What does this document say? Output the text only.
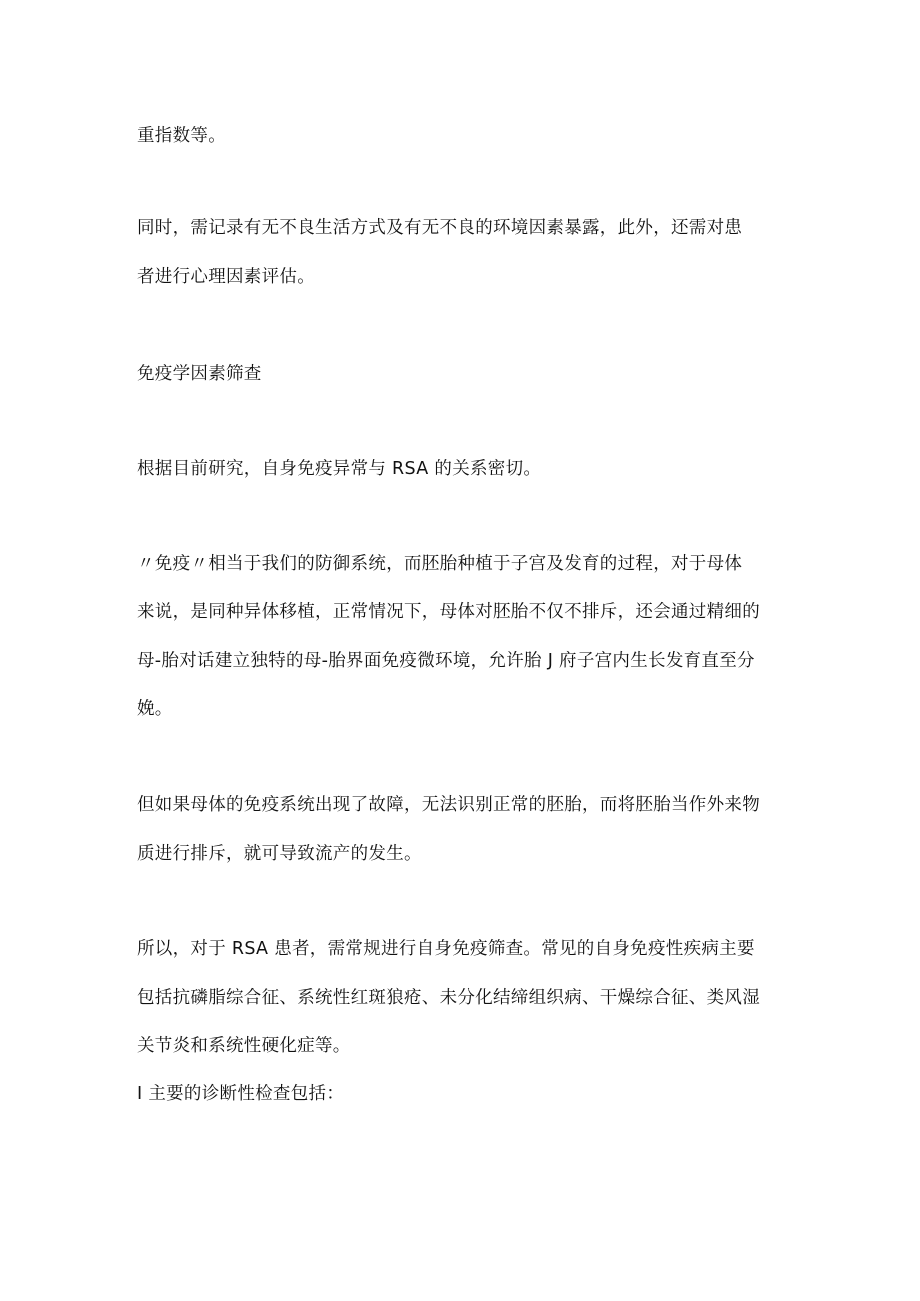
重指数等。
同时，需记录有无不良生活方式及有无不良的环境因素暴露，此外，还需对患
者进行心理因素评估。
免疫学因素筛查
根据目前研究，自身免疫异常与 RSA 的关系密切。
〃免疫〃相当于我们的防御系统，而胚胎种植于子宫及发育的过程，对于母体
来说，是同种异体移植，正常情况下，母体对胚胎不仅不排斥，还会通过精细的
母-胎对话建立独特的母-胎界面免疫微环境，允许胎 J 府子宫内生长发育直至分
娩。
但如果母体的免疫系统出现了故障，无法识别正常的胚胎，而将胚胎当作外来物
质进行排斥，就可导致流产的发生。
所以，对于 RSA 患者，需常规进行自身免疫筛查。常见的自身免疫性疾病主要
包括抗磷脂综合征、系统性红斑狼疮、未分化结缔组织病、干燥综合征、类风湿
关节炎和系统性硬化症等。
I 主要的诊断性检查包括：
